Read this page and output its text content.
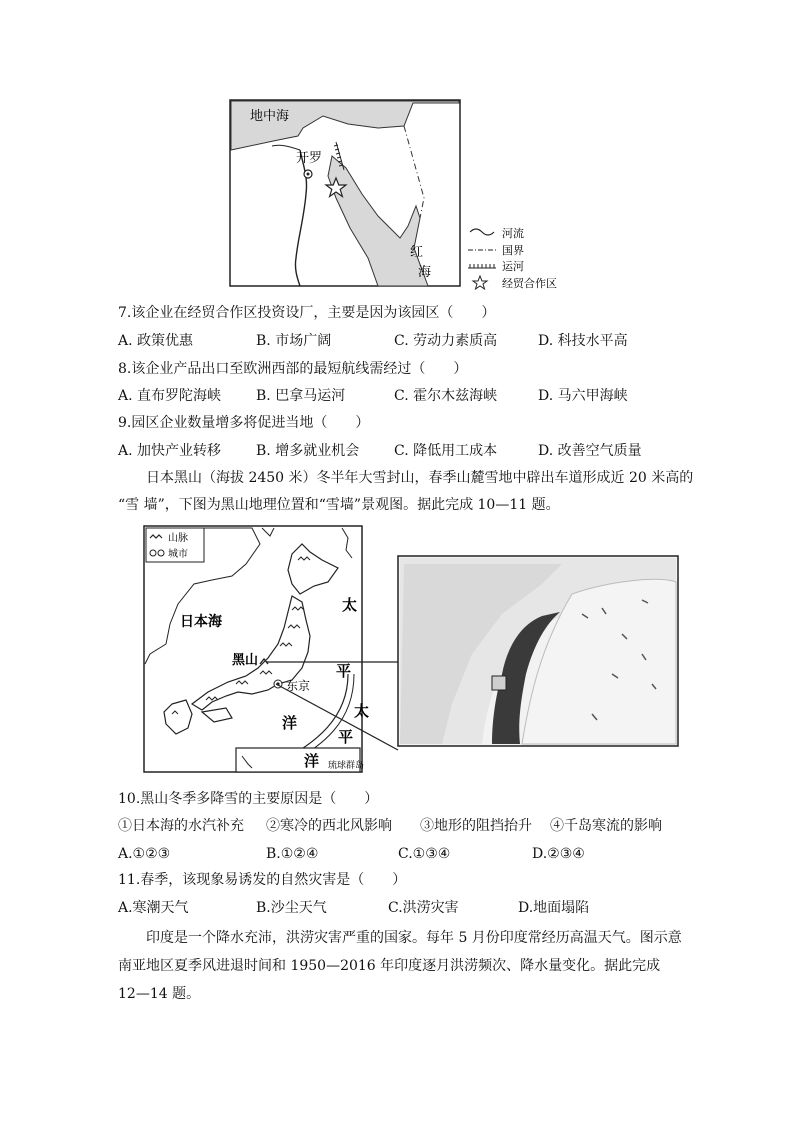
地中海
开罗
红
海
河流
国界
运河
经贸合作区
7.该企业在经贸合作区投资设厂，主要是因为该园区（　　）
A. 政策优惠	B. 市场广阔	C. 劳动力素质高	D. 科技水平高
8.该企业产品出口至欧洲西部的最短航线需经过（　　）
A. 直布罗陀海峡 B. 巴拿马运河	C. 霍尔木兹海峡	D. 马六甲海峡
9.园区企业数量增多将促进当地（　　）
A. 加快产业转移 B. 增多就业机会 C. 降低用工成本	D. 改善空气质量
日本黑山（海拔 2450 米）冬半年大雪封山，春季山麓雪地中辟出车道形成近 20 米高的
“雪 墙”，下图为黑山地理位置和“雪墙”景观图。据此完成 10—11 题。
山脉
城市
日本海
黑山
东京
太
平
洋
太
平
洋 琉球群岛
10.黑山冬季多降雪的主要原因是（　　）
①日本海的水汽补充 ②寒冷的西北风影响 ③地形的阻挡抬升 ④千岛寒流的影响
A.①②③	B.①②④	C.①③④	D.②③④
11.春季，该现象易诱发的自然灾害是（　　）
A.寒潮天气	B.沙尘天气	C.洪涝灾害	D.地面塌陷
印度是一个降水充沛，洪涝灾害严重的国家。每年 5 月份印度常经历高温天气。图示意
南亚地区夏季风进退时间和 1950—2016 年印度逐月洪涝频次、降水量变化。据此完成
12—14 题。
